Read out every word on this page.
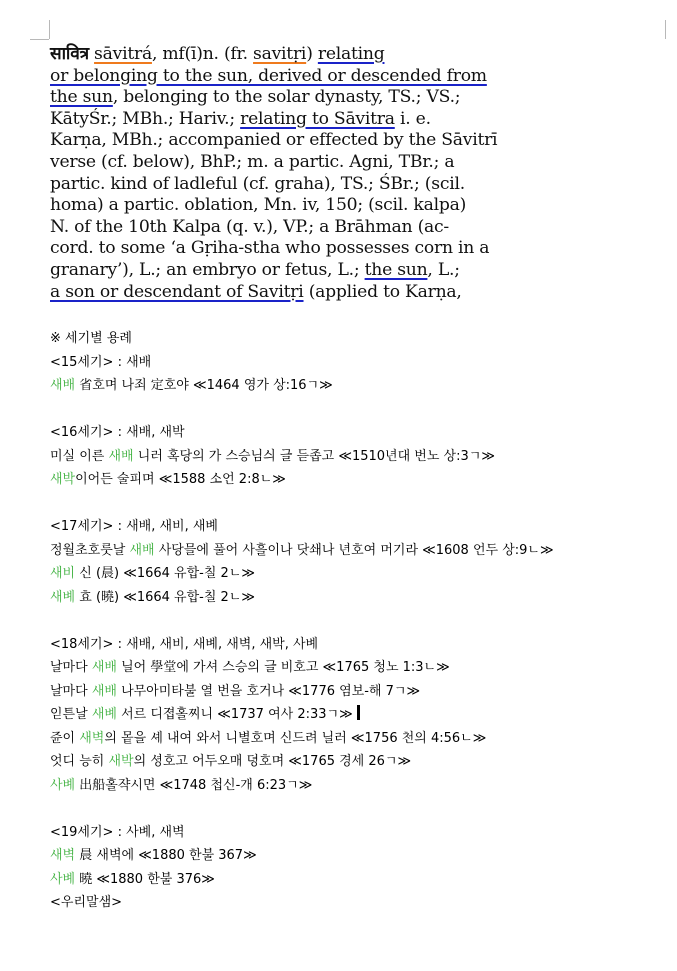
सावित्र sāvitrá, mf(ī)n. (fr. savitṛi) relating
or belonging to the sun, derived or descended from
the sun, belonging to the solar dynasty, TS.; VS.;
KātyŚr.; MBh.; Hariv.; relating to Sāvitra i. e.
Karṇa, MBh.; accompanied or effected by the Sāvitrī
verse (cf. below), BhP.; m. a partic. Agni, TBr.; a
partic. kind of ladleful (cf. graha), TS.; ŚBr.; (scil.
homa) a partic. oblation, Mn. iv, 150; (scil. kalpa)
N. of the 10th Kalpa (q. v.), VP.; a Brāhman (ac-
cord. to some ‘a Gṛiha-stha who possesses corn in a
granary’), L.; an embryo or fetus, L.; the sun, L.;
a son or descendant of Savitṛi (applied to Karṇa,
※ 세기별 용례
<15세기> : 새배
새배 省호며 나죄 定호야 ≪1464 영가 상:16ㄱ≫
<16세기> : 새배, 새박
미실 이른 새배 니러 혹당의 가 스승님싀 글 듣좁고 ≪1510년대 번노 상:3ㄱ≫
새박이어든 술피며 ≪1588 소언 2:8ㄴ≫
<17세기> : 새배, 새비, 새볘
정월초호룻날 새배 사당믈에 풀어 사흘이나 닷쇄나 년호여 머기라 ≪1608 언두 상:9ㄴ≫
새비 신 (晨) ≪1664 유합-칠 2ㄴ≫
새볘 효 (曉) ≪1664 유합-칠 2ㄴ≫
<18세기> : 새배, 새비, 새볘, 새벽, 새박, 사볘
날마다 새배 닐어 學堂에 가셔 스승의 글 비호고 ≪1765 청노 1:3ㄴ≫
날마다 새배 나무아미타불 열 번을 호거나 ≪1776 염보-해 7ㄱ≫
읻튼날 새볘 서르 디졉홀찌니 ≪1737 여사 2:33ㄱ≫
쥰이 새벽의 뫁을 셰 내여 와서 니별호며 신드려 닐러 ≪1756 천의 4:56ㄴ≫
엇디 능히 새박의 셩호고 어두오매 뎡호며 ≪1765 경세 26ㄱ≫
사볘 出船홀쟉시면 ≪1748 첩신-개 6:23ㄱ≫
<19세기> : 사볘, 새벽
새벽 晨 새벽에 ≪1880 한불 367≫
사볘 曉 ≪1880 한불 376≫
<우리말샘>
